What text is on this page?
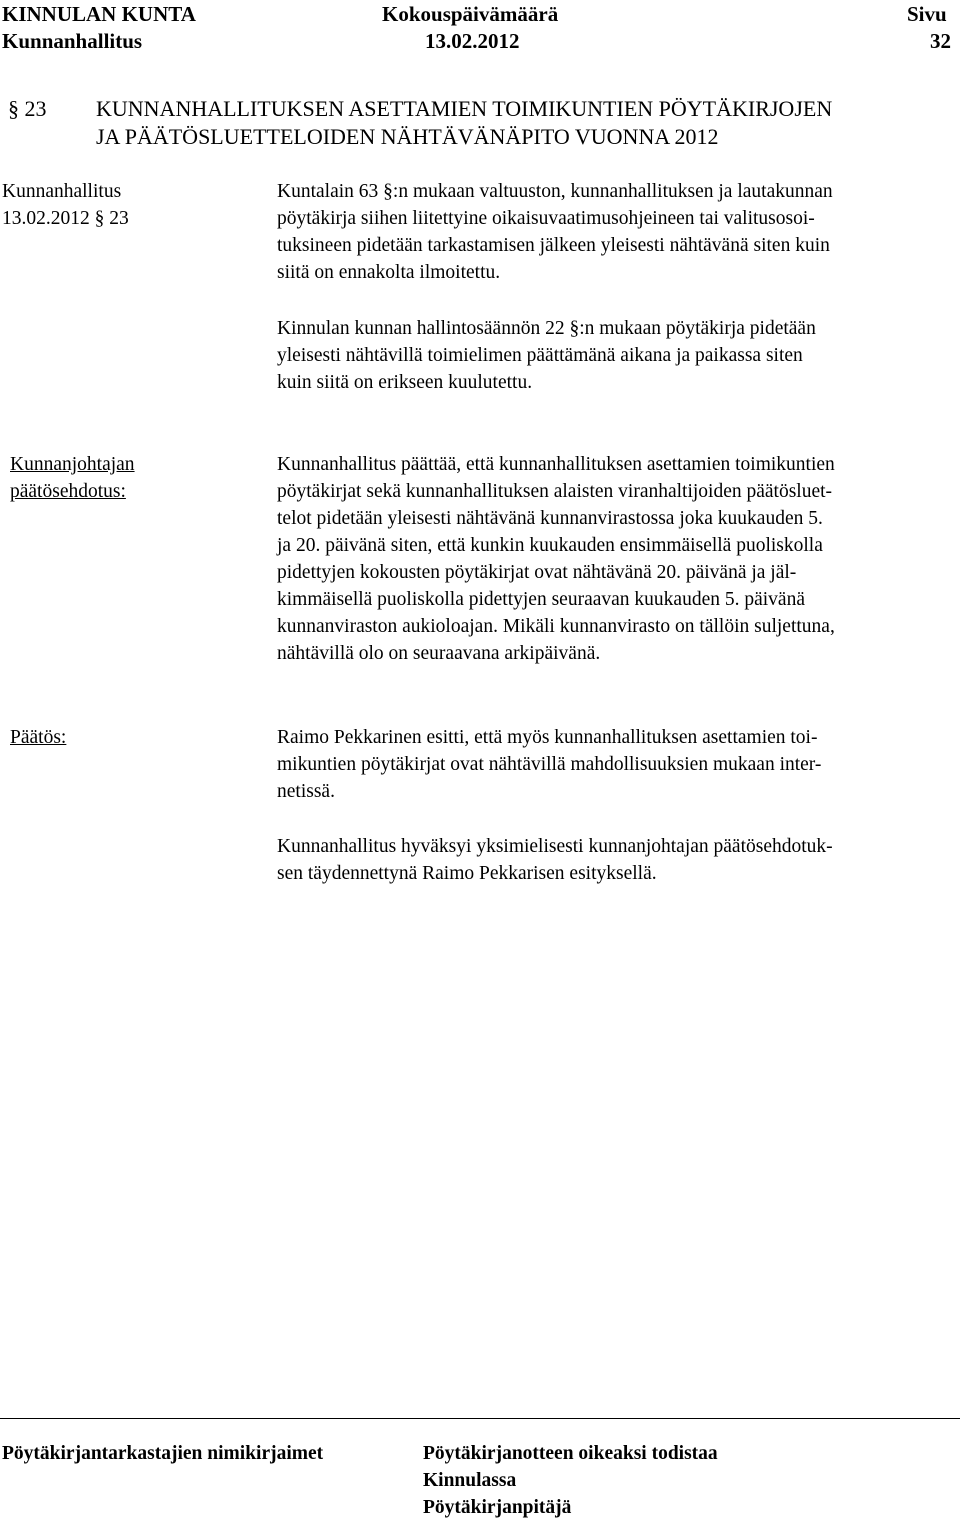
KINNULAN KUNTA
Kunnanhallitus
Kokouspäivämäärä
13.02.2012
Sivu
32
§ 23 KUNNANHALLITUKSEN ASETTAMIEN TOIMIKUNTIEN PÖYTÄKIRJOJEN
JA PÄÄTÖSLUETTELOIDEN NÄHTÄVÄNÄPITO VUONNA 2012
Kunnanhallitus
13.02.2012 § 23
Kuntalain 63 §:n mukaan valtuuston, kunnanhallituksen ja lautakunnan
pöytäkirja siihen liitettyine oikaisuvaatimusohjeineen tai valitusosoi-
tuksineen pidetään tarkastamisen jälkeen yleisesti nähtävänä siten kuin
siitä on ennakolta ilmoitettu.
Kinnulan kunnan hallintosäännön 22 §:n mukaan pöytäkirja pidetään
yleisesti nähtävillä toimielimen päättämänä aikana ja paikassa siten
kuin siitä on erikseen kuulutettu.
Kunnanjohtajan
päätösehdotus:
Kunnanhallitus päättää, että kunnanhallituksen asettamien toimikuntien
pöytäkirjat sekä kunnanhallituksen alaisten viranhaltijoiden päätösluet-
telot pidetään yleisesti nähtävänä kunnanvirastossa joka kuukauden 5.
ja 20. päivänä siten, että kunkin kuukauden ensimmäisellä puoliskolla
pidettyjen kokousten pöytäkirjat ovat nähtävänä 20. päivänä ja jäl-
kimmäisellä puoliskolla pidettyjen seuraavan kuukauden 5. päivänä
kunnanviraston aukioloajan. Mikäli kunnanvirasto on tällöin suljettuna,
nähtävillä olo on seuraavana arkipäivänä.
Päätös:	Raimo Pekkarinen esitti, että myös kunnanhallituksen asettamien toi-
mikuntien pöytäkirjat ovat nähtävillä mahdollisuuksien mukaan inter-
netissä.
Kunnanhallitus hyväksyi yksimielisesti kunnanjohtajan päätösehdotuk-
sen täydennettynä Raimo Pekkarisen esityksellä.
Pöytäkirjantarkastajien nimikirjaimet	Pöytäkirjanotteen oikeaksi todistaa
Kinnulassa
Pöytäkirjanpitäjä
